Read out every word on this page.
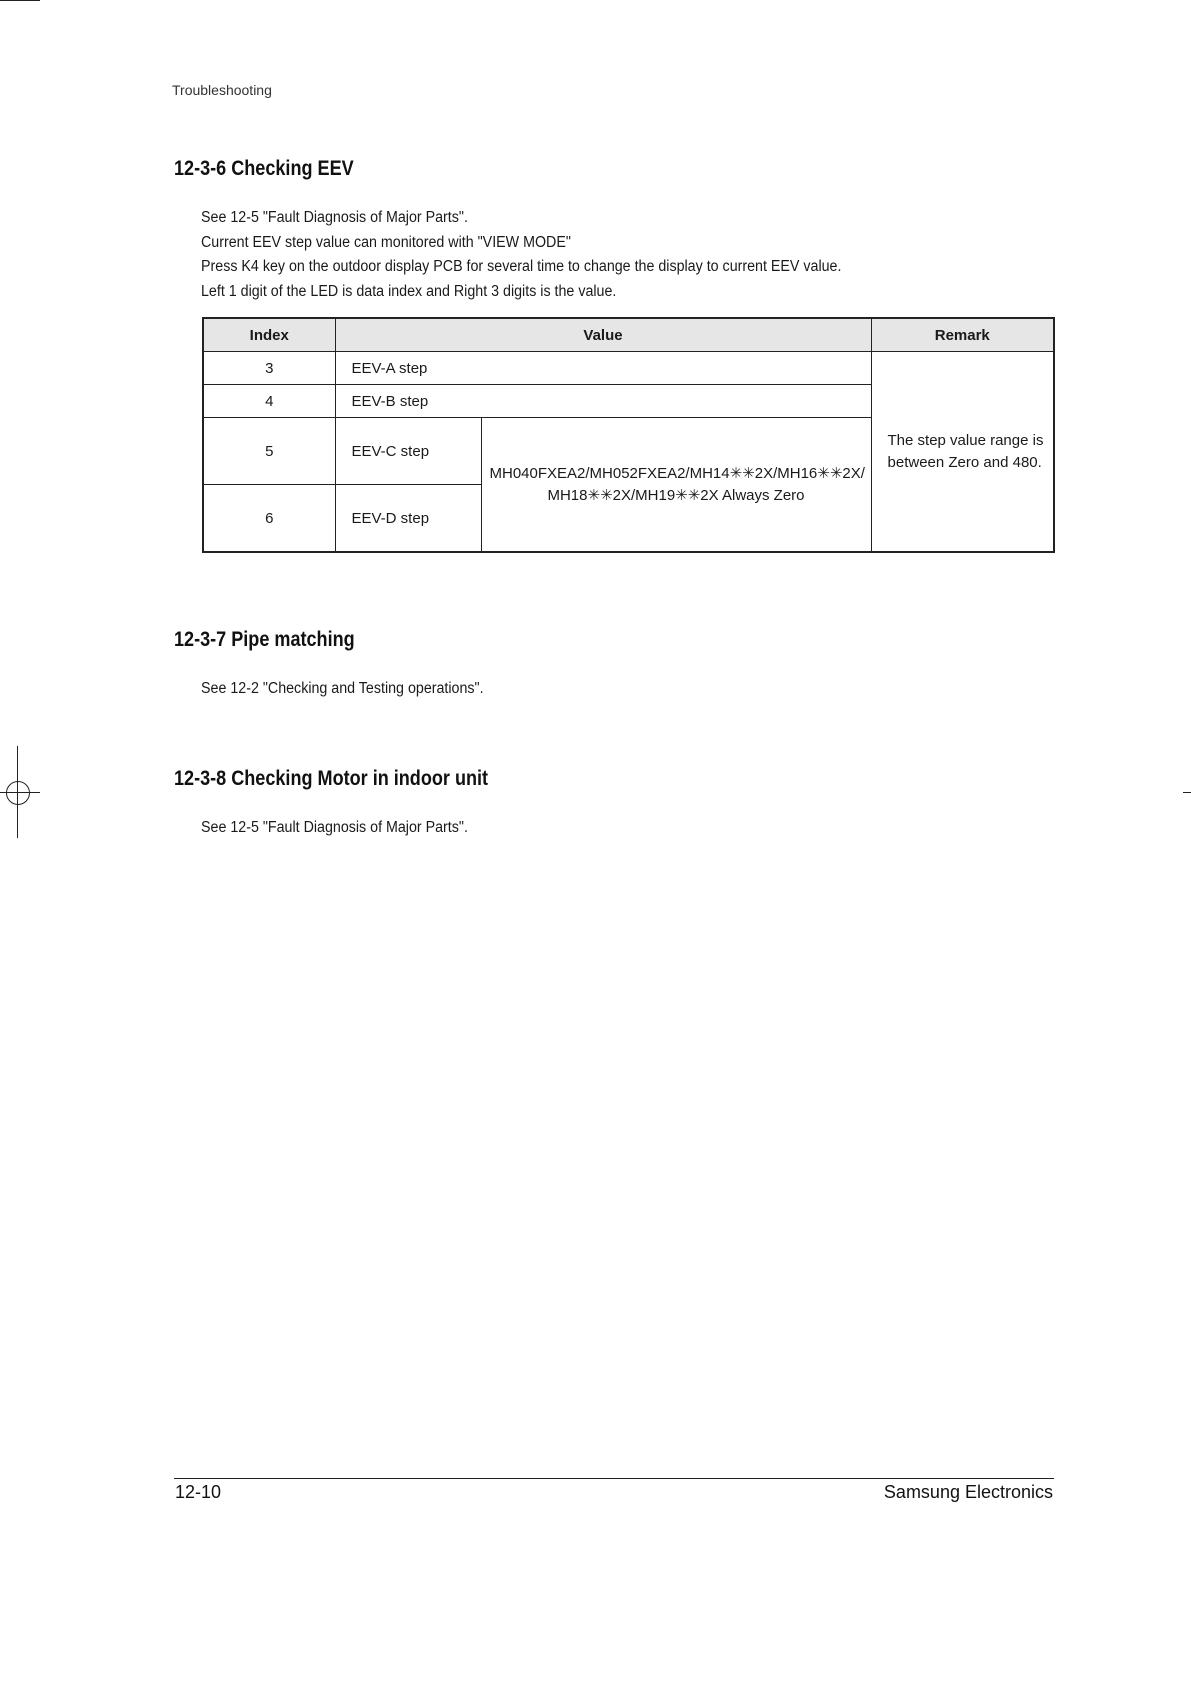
Troubleshooting
12-3-6 Checking EEV
See 12-5 "Fault Diagnosis of Major Parts".
Current EEV step value can monitored with "VIEW MODE"
Press K4 key on the outdoor display PCB for several time to change the display to current EEV value.
Left 1 digit of the LED is data index and Right 3 digits is the value.
Index	Value		Remark
3	EEV-A step		The step value range is
between Zero and 480.

4	EEV-B step		
5	EEV-C step	MH040FXEA2/MH052FXEA2/MH14✳✳2X/MH16✳✳2X/
MH18✳✳2X/MH19✳✳2X Always Zero	

6	EEV-D step		
12-3-7 Pipe matching
See 12-2 "Checking and Testing operations".
12-3-8 Checking Motor in indoor unit
See 12-5 "Fault Diagnosis of Major Parts".
12-10	Samsung Electronics
